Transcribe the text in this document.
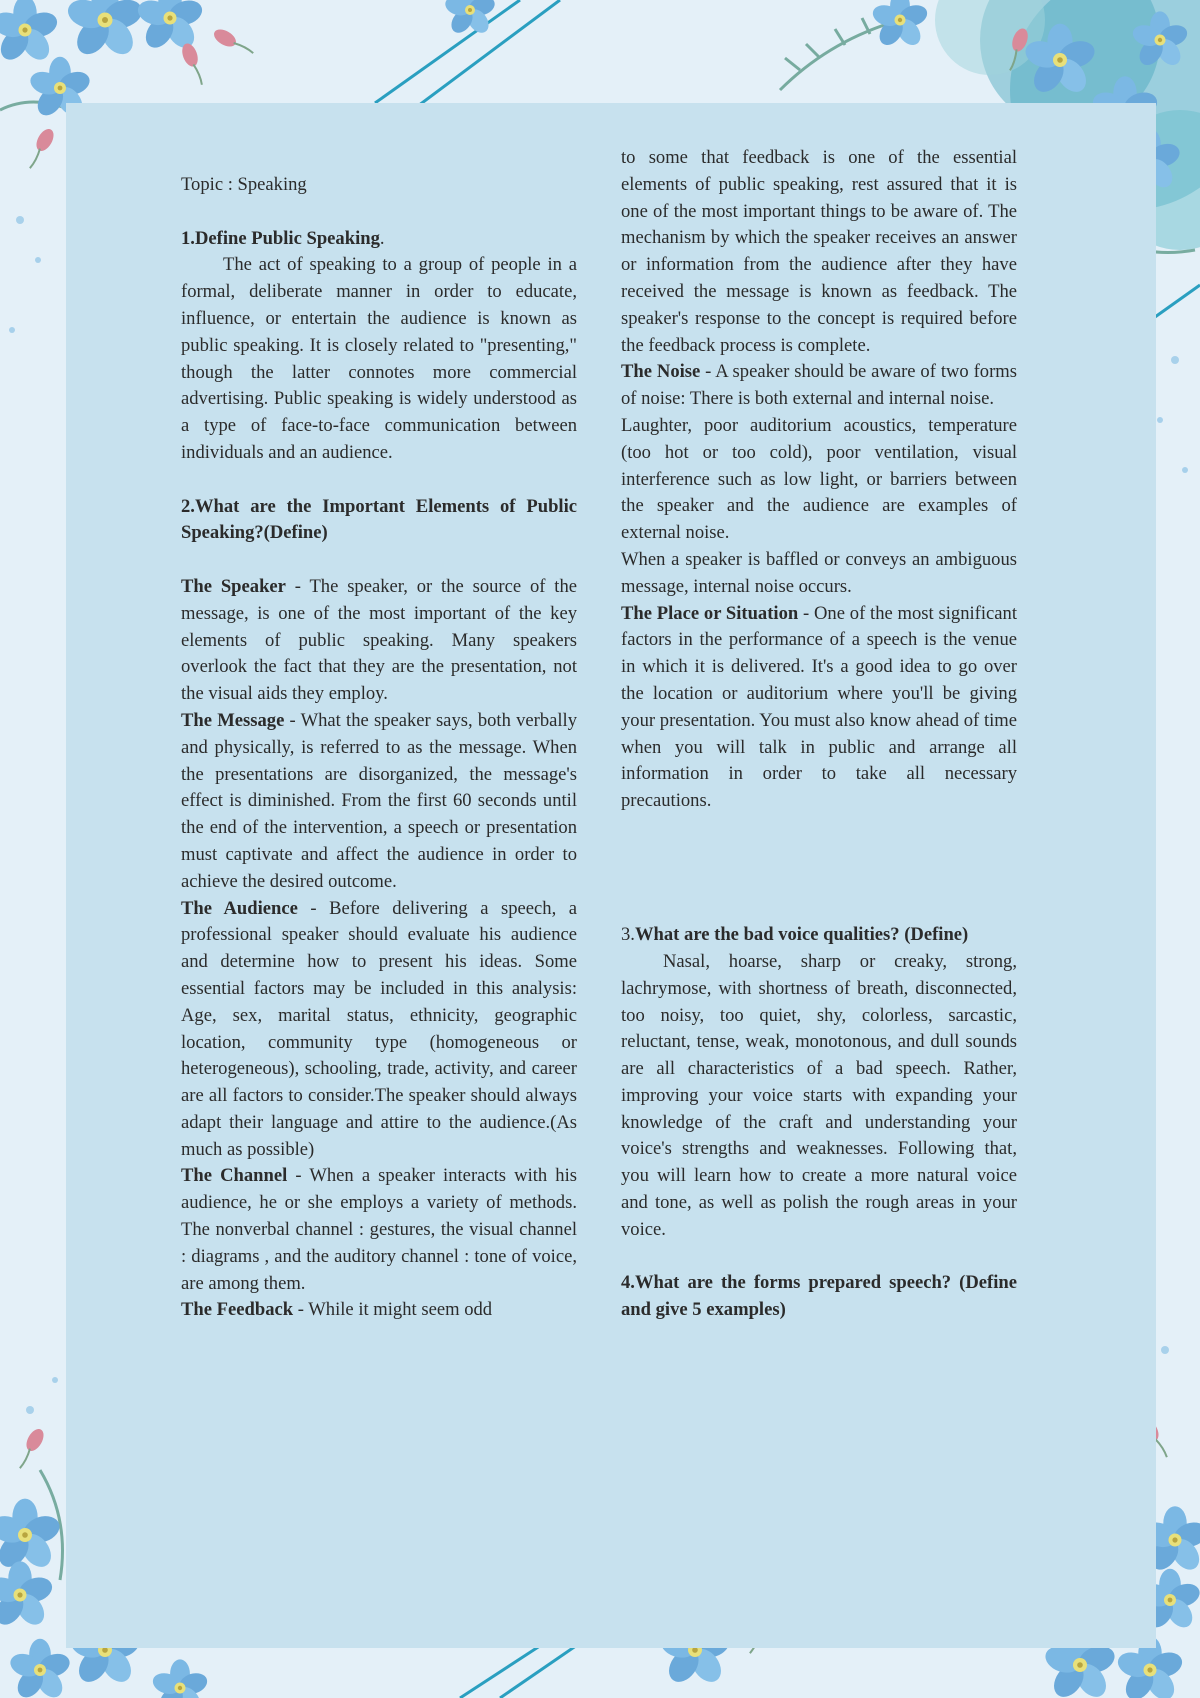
Topic : Speaking

1.Define Public Speaking.

The act of speaking to a group of people in a formal, deliberate manner in order to educate, influence, or entertain the audience is known as public speaking. It is closely related to "presenting," though the latter connotes more commercial advertising. Public speaking is widely understood as a type of face-to-face communication between individuals and an audience.

2.What are the Important Elements of Public Speaking?(Define)

The Speaker - The speaker, or the source of the message, is one of the most important of the key elements of public speaking. Many speakers overlook the fact that they are the presentation, not the visual aids they employ.

The Message - What the speaker says, both verbally and physically, is referred to as the message. When the presentations are disorganized, the message's effect is diminished. From the first 60 seconds until the end of the intervention, a speech or presentation must captivate and affect the audience in order to achieve the desired outcome.

The Audience - Before delivering a speech, a professional speaker should evaluate his audience and determine how to present his ideas. Some essential factors may be included in this analysis: Age, sex, marital status, ethnicity, geographic location, community type (homogeneous or heterogeneous), schooling, trade, activity, and career are all factors to consider.The speaker should always adapt their language and attire to the audience.(As much as possible)

The Channel - When a speaker interacts with his audience, he or she employs a variety of methods. The nonverbal channel : gestures, the visual channel : diagrams , and the auditory channel : tone of voice, are among them.

The Feedback - While it might seem odd

to some that feedback is one of the essential elements of public speaking, rest assured that it is one of the most important things to be aware of. The mechanism by which the speaker receives an answer or information from the audience after they have received the message is known as feedback. The speaker's response to the concept is required before the feedback process is complete.

The Noise - A speaker should be aware of two forms of noise: There is both external and internal noise.

Laughter, poor auditorium acoustics, temperature (too hot or too cold), poor ventilation, visual interference such as low light, or barriers between the speaker and the audience are examples of external noise.

When a speaker is baffled or conveys an ambiguous message, internal noise occurs.

The Place or Situation - One of the most significant factors in the performance of a speech is the venue in which it is delivered. It's a good idea to go over the location or auditorium where you'll be giving your presentation. You must also know ahead of time when you will talk in public and arrange all information in order to take all necessary precautions.

3.What are the bad voice qualities? (Define)

Nasal, hoarse, sharp or creaky, strong, lachrymose, with shortness of breath, disconnected, too noisy, too quiet, shy, colorless, sarcastic, reluctant, tense, weak, monotonous, and dull sounds are all characteristics of a bad speech. Rather, improving your voice starts with expanding your knowledge of the craft and understanding your voice's strengths and weaknesses. Following that, you will learn how to create a more natural voice and tone, as well as polish the rough areas in your voice.

4.What are the forms prepared speech? (Define and give 5 examples)
